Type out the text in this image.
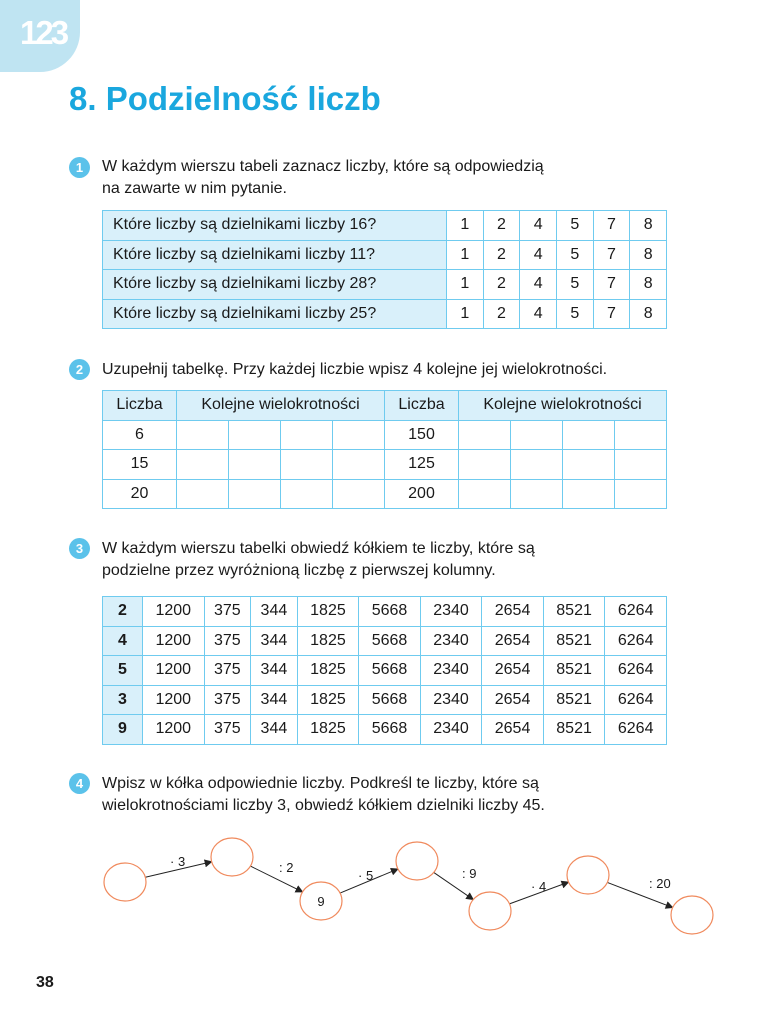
123
8. Podzielność liczb
1	W każdym wierszu tabeli zaznacz liczby, które są odpowiedzią
na zawarte w nim pytanie.

Które liczby są dzielnikami liczby 16?	1	2	4	5	7	8
Które liczby są dzielnikami liczby 11?	1	2	4	5	7	8
Które liczby są dzielnikami liczby 28?	1	2	4	5	7	8
Które liczby są dzielnikami liczby 25?	1	2	4	5	7	8
2	Uzupełnij tabelkę. Przy każdej liczbie wpisz 4 kolejne jej wielokrotności.

Liczba	Kolejne wielokrotności				Liczba	Kolejne wielokrotności			
6					150				
15					125				
20					200				
3	W każdym wierszu tabelki obwiedź kółkiem te liczby, które są
podzielne przez wyróżnioną liczbę z pierwszej kolumny.

2	1200	375	344	1825	5668	2340	2654	8521	6264
4	1200	375	344	1825	5668	2340	2654	8521	6264
5	1200	375	344	1825	5668	2340	2654	8521	6264
3	1200	375	344	1825	5668	2340	2654	8521	6264
9	1200	375	344	1825	5668	2340	2654	8521	6264
4	Wpisz w kółka odpowiednie liczby. Podkreśl te liczby, które są
wielokrotnościami liczby 3, obwiedź kółkiem dzielniki liczby 45.

· 3	: 2
· 5	: 9
· 4	: 20
9
38
